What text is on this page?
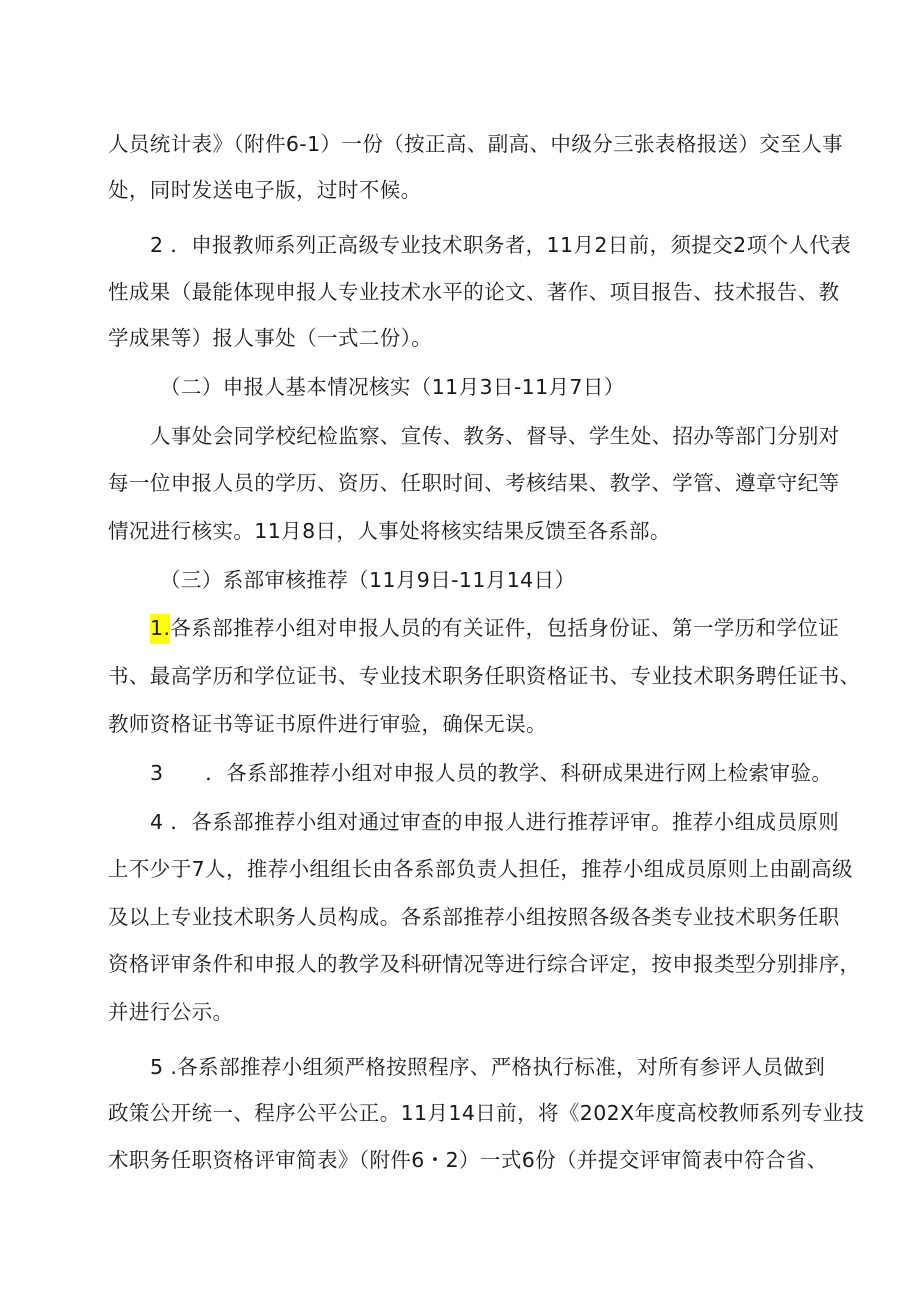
人员统计表》（附件6-1）一份（按正高、副高、中级分三张表格报送）交至人事
处，同时发送电子版，过时不候。
2 ．申报教师系列正高级专业技术职务者，11月2日前，须提交2项个人代表
性成果（最能体现申报人专业技术水平的论文、著作、项目报告、技术报告、教
学成果等）报人事处（一式二份）。
（二）申报人基本情况核实（11月3日-11月7日）
人事处会同学校纪检监察、宣传、教务、督导、学生处、招办等部门分别对
每一位申报人员的学历、资历、任职时间、考核结果、教学、学管、遵章守纪等
情况进行核实。11月8日，人事处将核实结果反馈至各系部。
（三）系部审核推荐（11月9日-11月14日）
1.各系部推荐小组对申报人员的有关证件，包括身份证、第一学历和学位证
书、最高学历和学位证书、专业技术职务任职资格证书、专业技术职务聘任证书、
教师资格证书等证书原件进行审验，确保无误。
3　　．各系部推荐小组对申报人员的教学、科研成果进行网上检索审验。
4 ．各系部推荐小组对通过审查的申报人进行推荐评审。推荐小组成员原则
上不少于7人，推荐小组组长由各系部负责人担任，推荐小组成员原则上由副高级
及以上专业技术职务人员构成。各系部推荐小组按照各级各类专业技术职务任职
资格评审条件和申报人的教学及科研情况等进行综合评定，按申报类型分别排序，
并进行公示。
5 .各系部推荐小组须严格按照程序、严格执行标准，对所有参评人员做到
政策公开统一、程序公平公正。11月14日前，将《202X年度高校教师系列专业技
术职务任职资格评审简表》（附件6・2）一式6份（并提交评审简表中符合省、
